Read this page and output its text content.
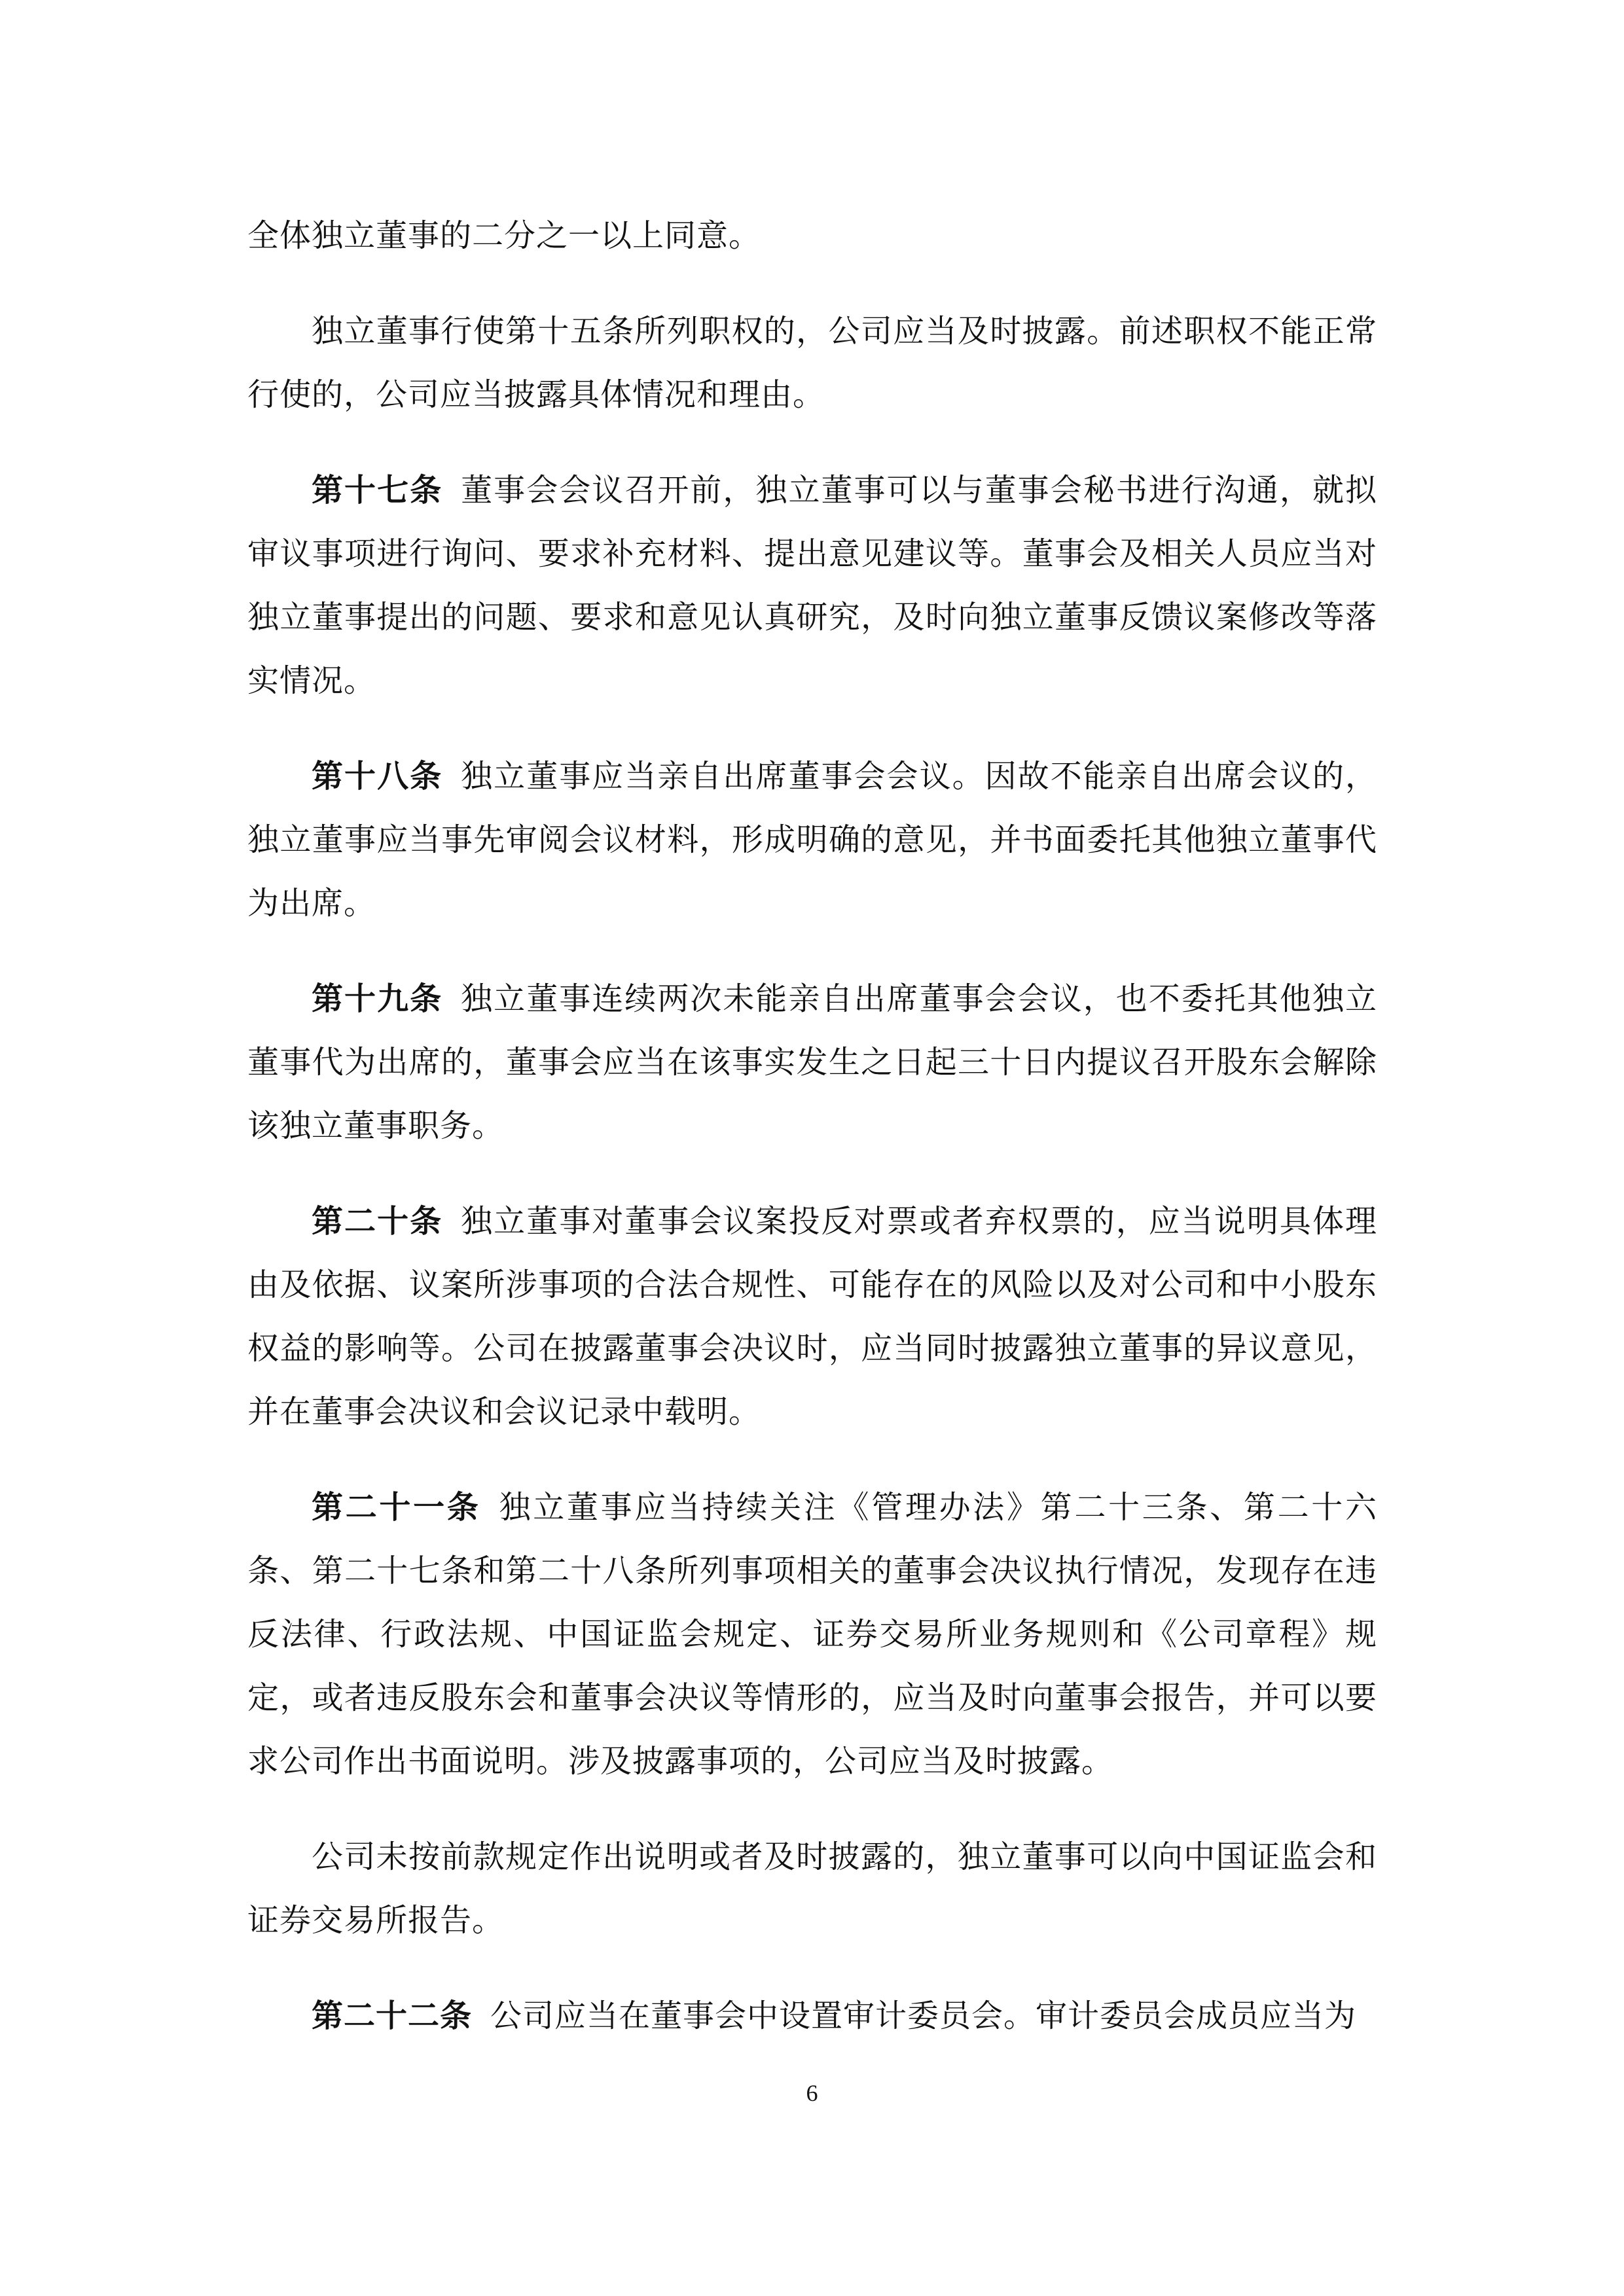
全体独立董事的二分之一以上同意。

独立董事行使第十五条所列职权的，公司应当及时披露。前述职权不能正常行使的，公司应当披露具体情况和理由。

第十七条 董事会会议召开前，独立董事可以与董事会秘书进行沟通，就拟审议事项进行询问、要求补充材料、提出意见建议等。董事会及相关人员应当对独立董事提出的问题、要求和意见认真研究，及时向独立董事反馈议案修改等落实情况。

第十八条 独立董事应当亲自出席董事会会议。因故不能亲自出席会议的，独立董事应当事先审阅会议材料，形成明确的意见，并书面委托其他独立董事代为出席。

第十九条 独立董事连续两次未能亲自出席董事会会议，也不委托其他独立董事代为出席的，董事会应当在该事实发生之日起三十日内提议召开股东会解除该独立董事职务。

第二十条 独立董事对董事会议案投反对票或者弃权票的，应当说明具体理由及依据、议案所涉事项的合法合规性、可能存在的风险以及对公司和中小股东权益的影响等。公司在披露董事会决议时，应当同时披露独立董事的异议意见，并在董事会决议和会议记录中载明。

第二十一条 独立董事应当持续关注《管理办法》第二十三条、第二十六条、第二十七条和第二十八条所列事项相关的董事会决议执行情况，发现存在违反法律、行政法规、中国证监会规定、证券交易所业务规则和《公司章程》规定，或者违反股东会和董事会决议等情形的，应当及时向董事会报告，并可以要求公司作出书面说明。涉及披露事项的，公司应当及时披露。

公司未按前款规定作出说明或者及时披露的，独立董事可以向中国证监会和证券交易所报告。

第二十二条 公司应当在董事会中设置审计委员会。审计委员会成员应当为

6
